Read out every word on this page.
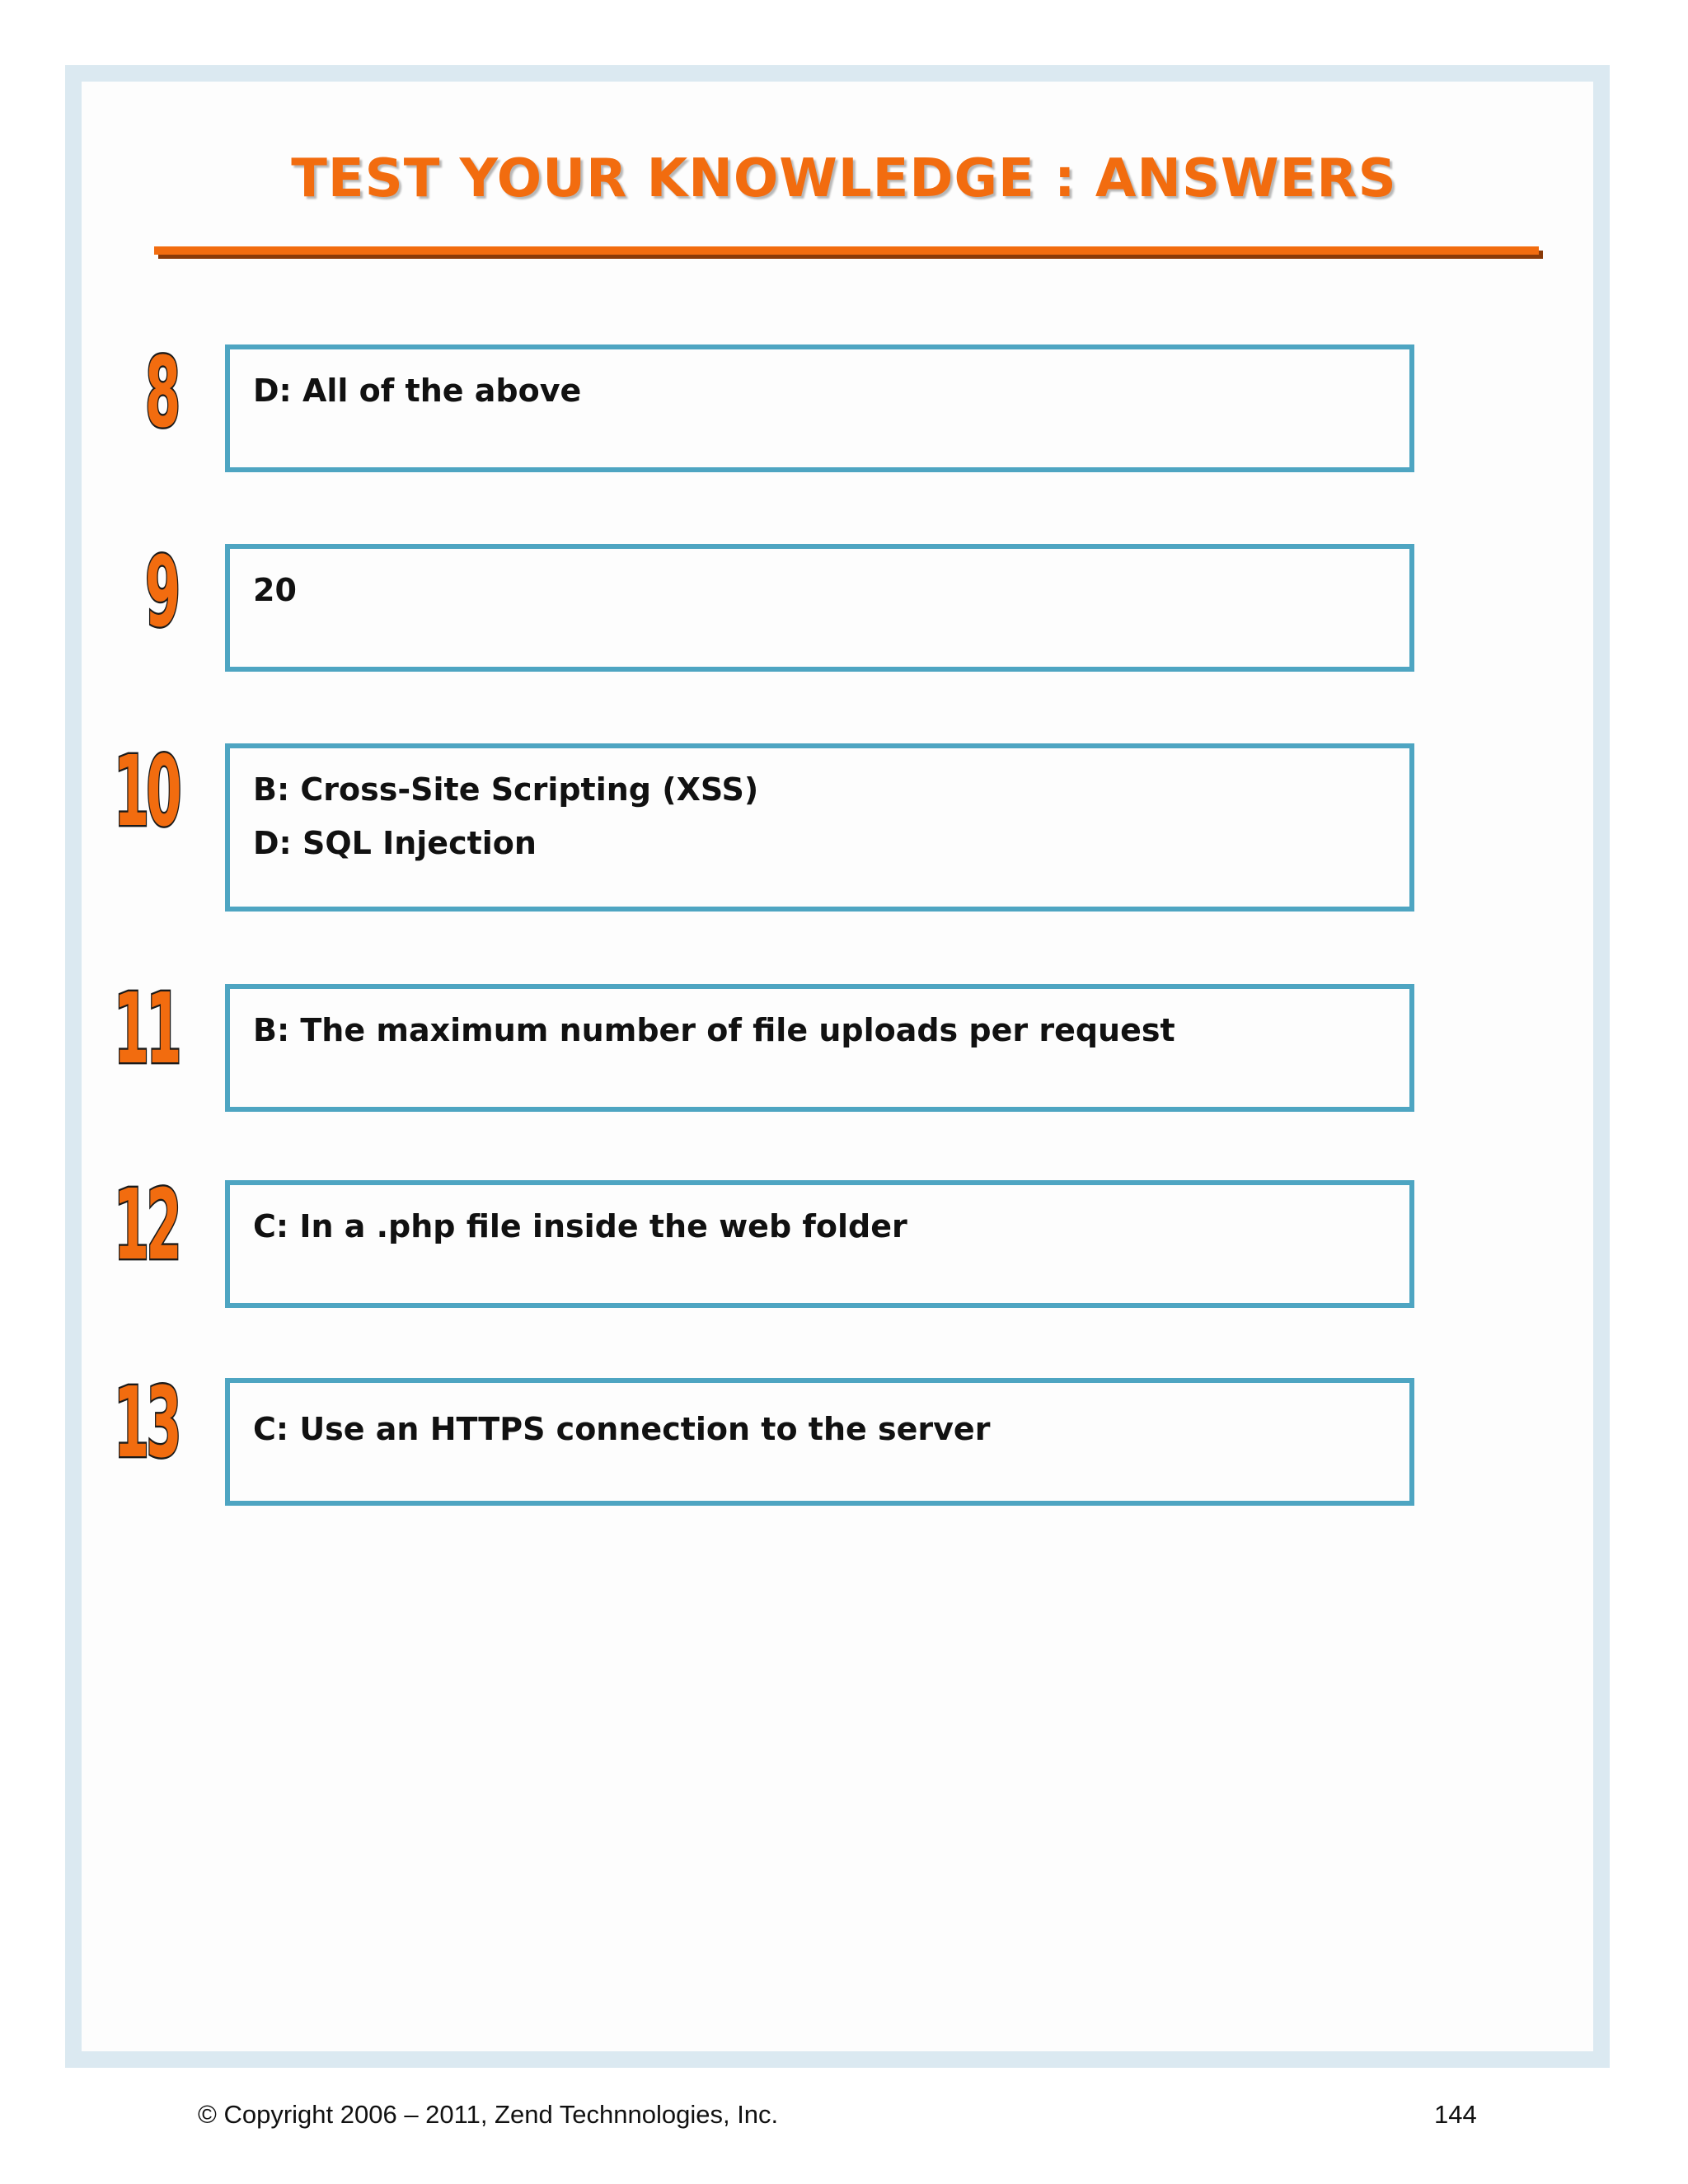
TEST YOUR KNOWLEDGE : ANSWERS
8 D: All of the above
9 20
10 B: Cross-Site Scripting (XSS)
D: SQL Injection
11 B: The maximum number of file uploads per request
12 C: In a .php file inside the web folder
13 C: Use an HTTPS connection to the server
© Copyright 2006 – 2011, Zend Technnologies, Inc.	144
